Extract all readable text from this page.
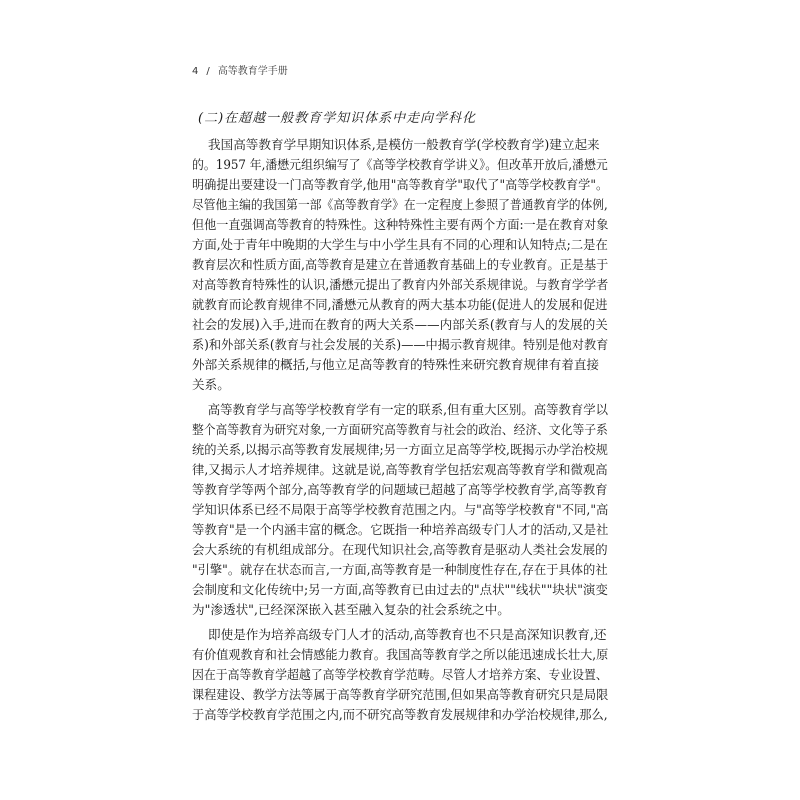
4 / 高等教育学手册
(二)在超越一般教育学知识体系中走向学科化
我国高等教育学早期知识体系,是模仿一般教育学(学校教育学)建立起来
的。1957 年,潘懋元组织编写了《高等学校教育学讲义》。但改革开放后,潘懋元
明确提出要建设一门高等教育学,他用"高等教育学"取代了"高等学校教育学"。
尽管他主编的我国第一部《高等教育学》在一定程度上参照了普通教育学的体例,
但他一直强调高等教育的特殊性。这种特殊性主要有两个方面:一是在教育对象
方面,处于青年中晚期的大学生与中小学生具有不同的心理和认知特点;二是在
教育层次和性质方面,高等教育是建立在普通教育基础上的专业教育。正是基于
对高等教育特殊性的认识,潘懋元提出了教育内外部关系规律说。与教育学学者
就教育而论教育规律不同,潘懋元从教育的两大基本功能(促进人的发展和促进
社会的发展)入手,进而在教育的两大关系——内部关系(教育与人的发展的关
系)和外部关系(教育与社会发展的关系)——中揭示教育规律。特别是他对教育
外部关系规律的概括,与他立足高等教育的特殊性来研究教育规律有着直接
关系。
高等教育学与高等学校教育学有一定的联系,但有重大区别。高等教育学以
整个高等教育为研究对象,一方面研究高等教育与社会的政治、经济、文化等子系
统的关系,以揭示高等教育发展规律;另一方面立足高等学校,既揭示办学治校规
律,又揭示人才培养规律。这就是说,高等教育学包括宏观高等教育学和微观高
等教育学等两个部分,高等教育学的问题域已超越了高等学校教育学,高等教育
学知识体系已经不局限于高等学校教育范围之内。与"高等学校教育"不同,"高
等教育"是一个内涵丰富的概念。它既指一种培养高级专门人才的活动,又是社
会大系统的有机组成部分。在现代知识社会,高等教育是驱动人类社会发展的
"引擎"。就存在状态而言,一方面,高等教育是一种制度性存在,存在于具体的社
会制度和文化传统中;另一方面,高等教育已由过去的"点状""线状""块状"演变
为"渗透状",已经深深嵌入甚至融入复杂的社会系统之中。
即使是作为培养高级专门人才的活动,高等教育也不只是高深知识教育,还
有价值观教育和社会情感能力教育。我国高等教育学之所以能迅速成长壮大,原
因在于高等教育学超越了高等学校教育学范畴。尽管人才培养方案、专业设置、
课程建设、教学方法等属于高等教育学研究范围,但如果高等教育研究只是局限
于高等学校教育学范围之内,而不研究高等教育发展规律和办学治校规律,那么,
